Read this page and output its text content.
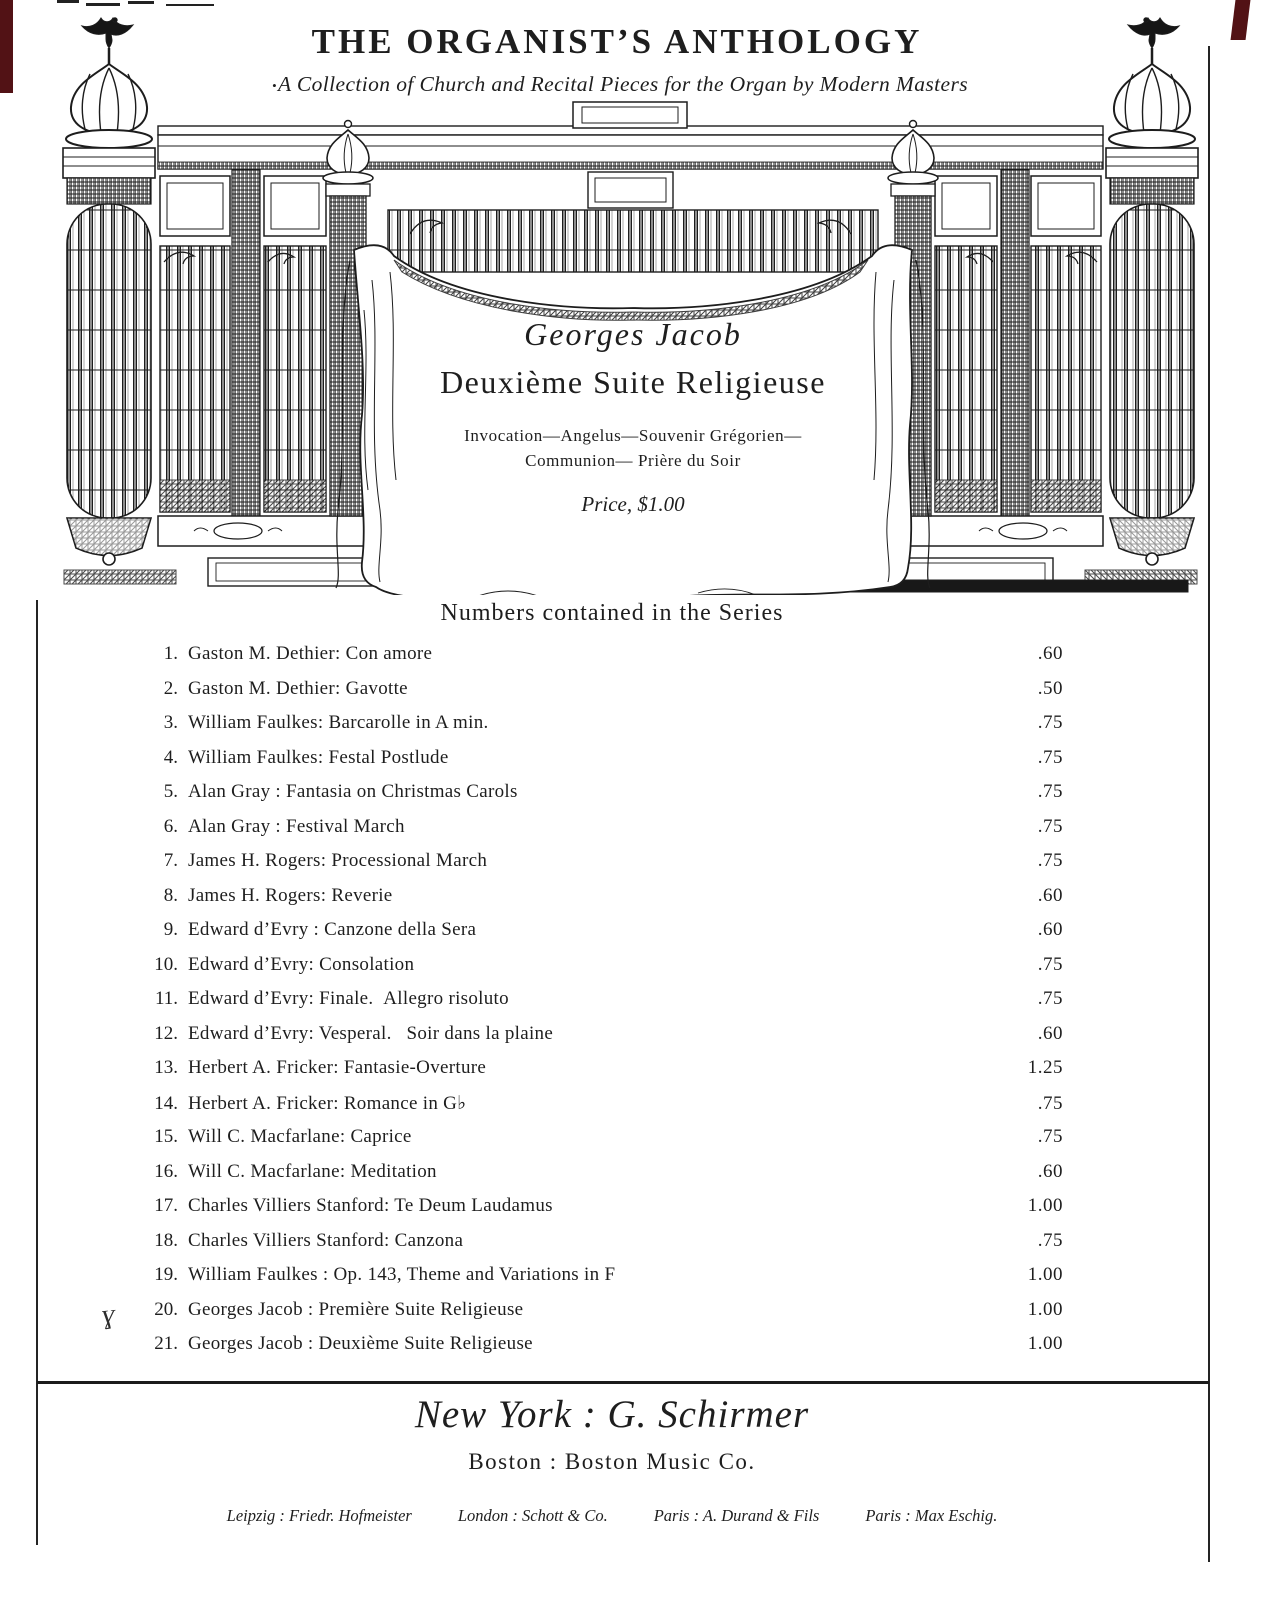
THE ORGANIST’S ANTHOLOGY
•A Collection of Church and Recital Pieces for the Organ by Modern Masters
Georges Jacob
Deuxième Suite Religieuse
Invocation—Angelus—Souvenir Grégorien—
Communion— Prière du Soir
Price, $1.00
Numbers contained in the Series
1. Gaston M. Dethier: Con amore	.60
2. Gaston M. Dethier: Gavotte	.50
3. William Faulkes: Barcarolle in A min.	.75
4. William Faulkes: Festal Postlude	.75
5. Alan Gray : Fantasia on Christmas Carols	.75
6. Alan Gray : Festival March	.75
7. James H. Rogers: Processional March	.75
8. James H. Rogers: Reverie	.60
9. Edward d’Evry : Canzone della Sera	.60
10. Edward d’Evry: Consolation	.75
11. Edward d’Evry: Finale. Allegro risoluto	.75
12. Edward d’Evry: Vesperal.  Soir dans la plaine	.60
13. Herbert A. Fricker: Fantasie-Overture	1.25
14. Herbert A. Fricker: Romance in G♭	.75
15. Will C. Macfarlane: Caprice	.75
16. Will C. Macfarlane: Meditation	.60
17. Charles Villiers Stanford: Te Deum Laudamus	1.00
18. Charles Villiers Stanford: Canzona	.75
19. William Faulkes : Op. 143, Theme and Variations in F	1.00
ɣ	20. Georges Jacob : Première Suite Religieuse	1.00
21. Georges Jacob : Deuxième Suite Religieuse	1.00
New York : G. Schirmer
Boston : Boston Music Co.
Leipzig : Friedr. Hofmeister	London : Schott & Co.	Paris : A. Durand & Fils	Paris : Max Eschig.
